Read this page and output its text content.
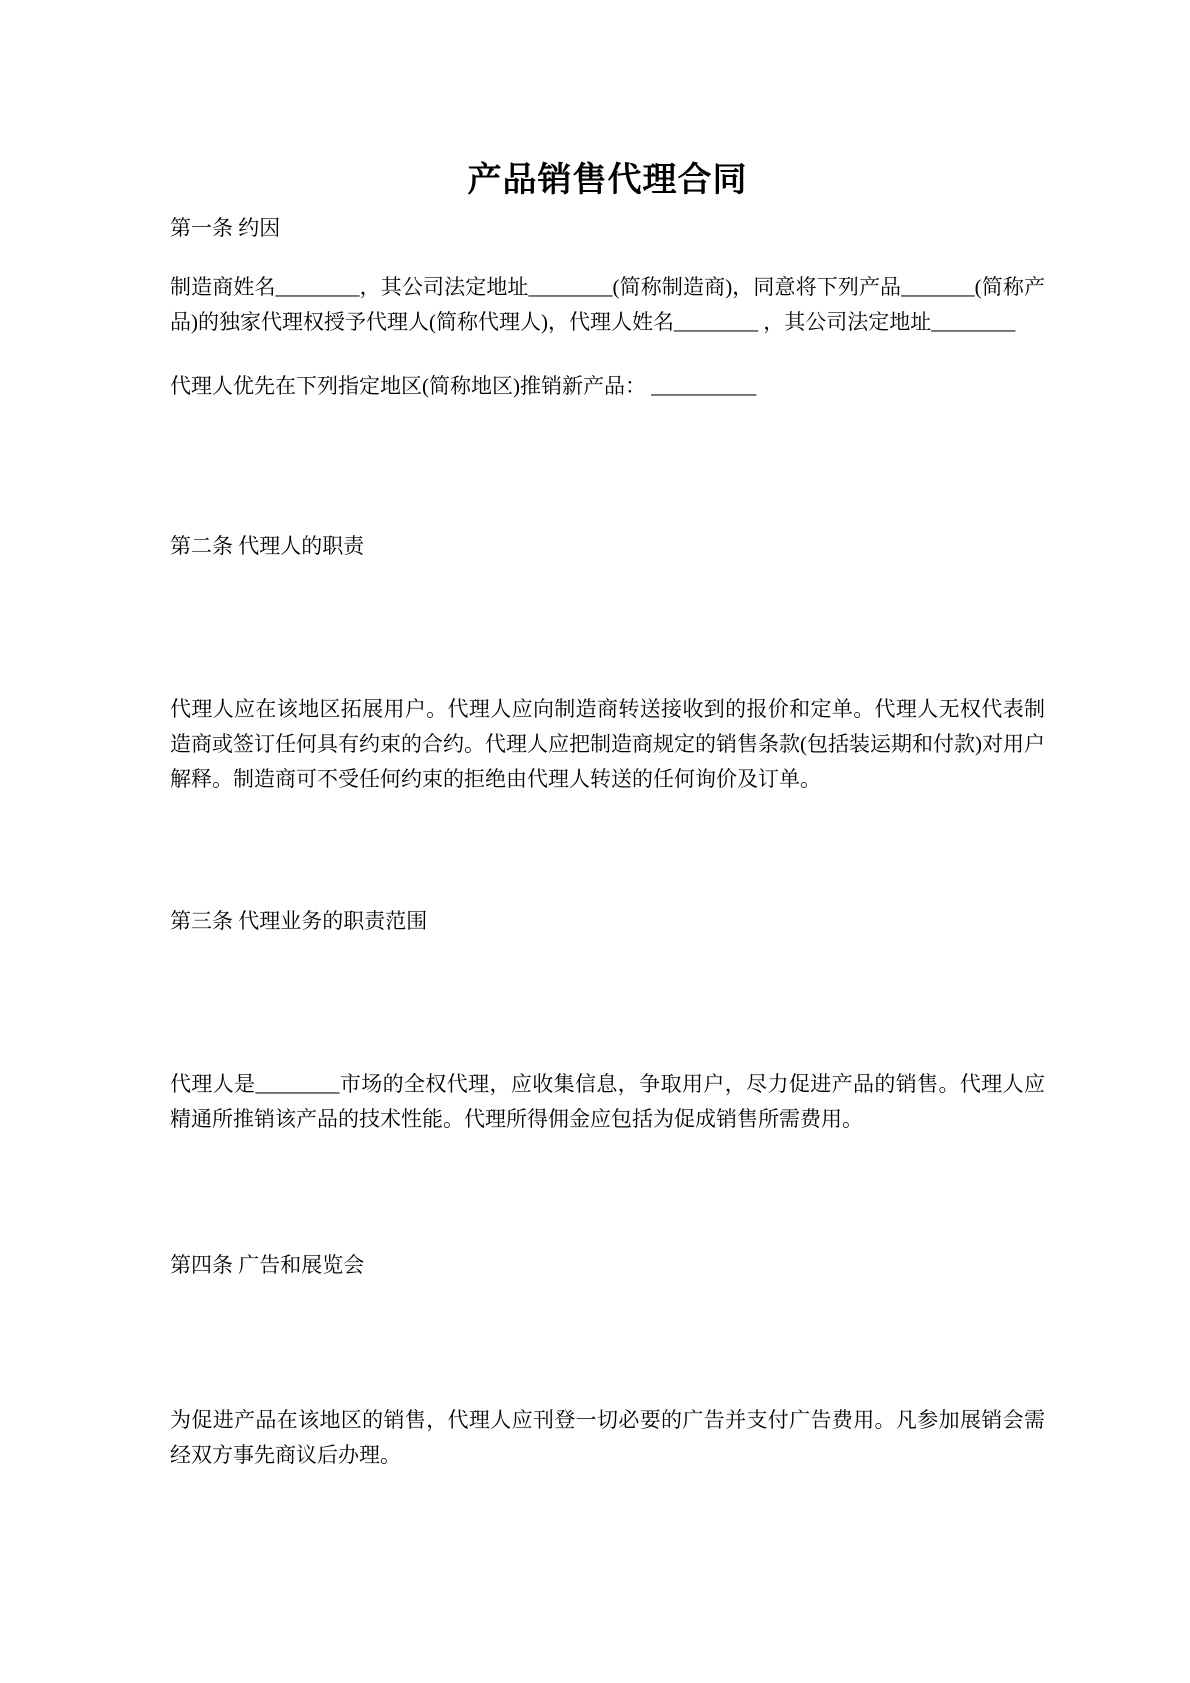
产品销售代理合同
第一条 约因

制造商姓名________，其公司法定地址________(简称制造商)，同意将下列产品_______(简称产品)的独家代理权授予代理人(简称代理人)，代理人姓名________ ，其公司法定地址________

代理人优先在下列指定地区(简称地区)推销新产品： __________

第二条 代理人的职责

代理人应在该地区拓展用户。代理人应向制造商转送接收到的报价和定单。代理人无权代表制造商或签订任何具有约束的合约。代理人应把制造商规定的销售条款(包括装运期和付款)对用户解释。制造商可不受任何约束的拒绝由代理人转送的任何询价及订单。

第三条 代理业务的职责范围

代理人是________市场的全权代理，应收集信息，争取用户，尽力促进产品的销售。代理人应精通所推销该产品的技术性能。代理所得佣金应包括为促成销售所需费用。

第四条 广告和展览会

为促进产品在该地区的销售，代理人应刊登一切必要的广告并支付广告费用。凡参加展销会需经双方事先商议后办理。
